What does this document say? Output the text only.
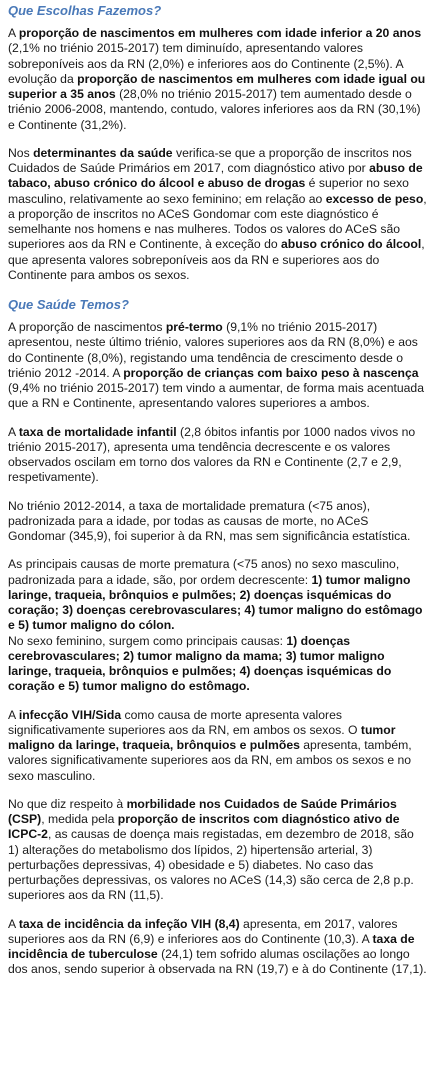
Que Escolhas Fazemos?

A proporção de nascimentos em mulheres com idade inferior a 20 anos (2,1% no triénio 2015-2017) tem diminuído, apresentando valores sobreponíveis aos da RN (2,0%) e inferiores aos do Continente (2,5%). A evolução da proporção de nascimentos em mulheres com idade igual ou superior a 35 anos (28,0% no triénio 2015-2017) tem aumentado desde o triénio 2006-2008, mantendo, contudo, valores inferiores aos da RN (30,1%) e Continente (31,2%).

Nos determinantes da saúde verifica-se que a proporção de inscritos nos Cuidados de Saúde Primários em 2017, com diagnóstico ativo por abuso de tabaco, abuso crónico do álcool e abuso de drogas é superior no sexo masculino, relativamente ao sexo feminino; em relação ao excesso de peso, a proporção de inscritos no ACeS Gondomar com este diagnóstico é semelhante nos homens e nas mulheres. Todos os valores do ACeS são superiores aos da RN e Continente, à exceção do abuso crónico do álcool, que apresenta valores sobreponíveis aos da RN e superiores aos do Continente para ambos os sexos.

Que Saúde Temos?

A proporção de nascimentos pré-termo (9,1% no triénio 2015-2017) apresentou, neste último triénio, valores superiores aos da RN (8,0%) e aos do Continente (8,0%), registando uma tendência de crescimento desde o triénio 2012 -2014. A proporção de crianças com baixo peso à nascença (9,4% no triénio 2015-2017) tem vindo a aumentar, de forma mais acentuada que a RN e Continente, apresentando valores superiores a ambos.

A taxa de mortalidade infantil (2,8 óbitos infantis por 1000 nados vivos no triénio 2015-2017), apresenta uma tendência decrescente e os valores observados oscilam em torno dos valores da RN e Continente (2,7 e 2,9, respetivamente).

No triénio 2012-2014, a taxa de mortalidade prematura (<75 anos), padronizada para a idade, por todas as causas de morte, no ACeS Gondomar (345,9), foi superior à da RN, mas sem significância estatística.

As principais causas de morte prematura (<75 anos) no sexo masculino, padronizada para a idade, são, por ordem decrescente: 1) tumor maligno laringe, traqueia, brônquios e pulmões; 2) doenças isquémicas do coração; 3) doenças cerebrovasculares; 4) tumor maligno do estômago e 5) tumor maligno do cólon.

No sexo feminino, surgem como principais causas: 1) doenças cerebrovasculares; 2) tumor maligno da mama; 3) tumor maligno laringe, traqueia, brônquios e pulmões; 4) doenças isquémicas do coração e 5) tumor maligno do estômago.

A infecção VIH/Sida como causa de morte apresenta valores significativamente superiores aos da RN, em ambos os sexos. O tumor maligno da laringe, traqueia, brônquios e pulmões apresenta, também, valores significativamente superiores aos da RN, em ambos os sexos e no sexo masculino.

No que diz respeito à morbilidade nos Cuidados de Saúde Primários (CSP), medida pela proporção de inscritos com diagnóstico ativo de ICPC-2, as causas de doença mais registadas, em dezembro de 2018, são 1) alterações do metabolismo dos lípidos, 2) hipertensão arterial, 3) perturbações depressivas, 4) obesidade e 5) diabetes. No caso das perturbações depressivas, os valores no ACeS (14,3) são cerca de 2,8 p.p. superiores aos da RN (11,5).

A taxa de incidência da infeção VIH (8,4) apresenta, em 2017, valores superiores aos da RN (6,9) e inferiores aos do Continente (10,3). A taxa de incidência de tuberculose (24,1) tem sofrido alumas oscilações ao longo dos anos, sendo superior à observada na RN (19,7) e à do Continente (17,1).
